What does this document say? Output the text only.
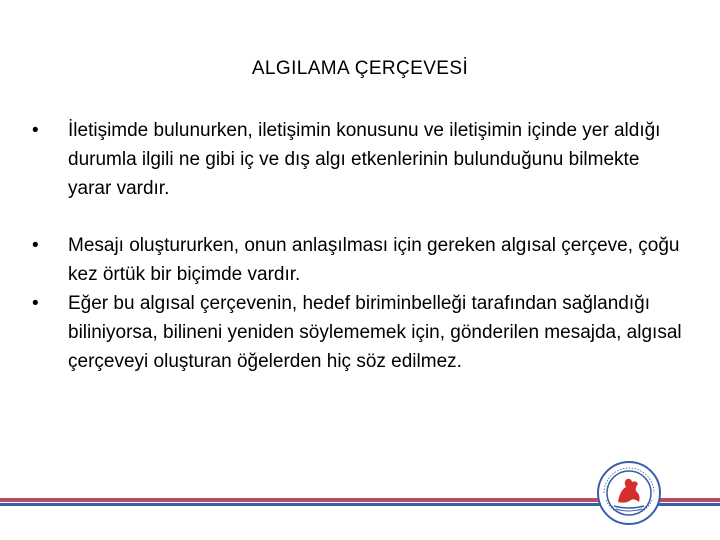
ALGILAMA ÇERÇEVESİ
• İletişimde bulunurken, iletişimin konusunu ve iletişimin içinde yer aldığı durumla ilgili ne gibi iç ve dış algı etkenlerinin bulunduğunu bilmekte yarar vardır.
• Mesajı oluştururken, onun anlaşılması için gereken algısal çerçeve, çoğu kez örtük bir biçimde vardır.
• Eğer bu algısal çerçevenin, hedef biriminbelleği tarafından sağlandığı biliniyorsa, bilineni yeniden söylememek için, gönderilen mesajda, algısal çerçeveyi oluşturan öğelerden hiç söz edilmez.
